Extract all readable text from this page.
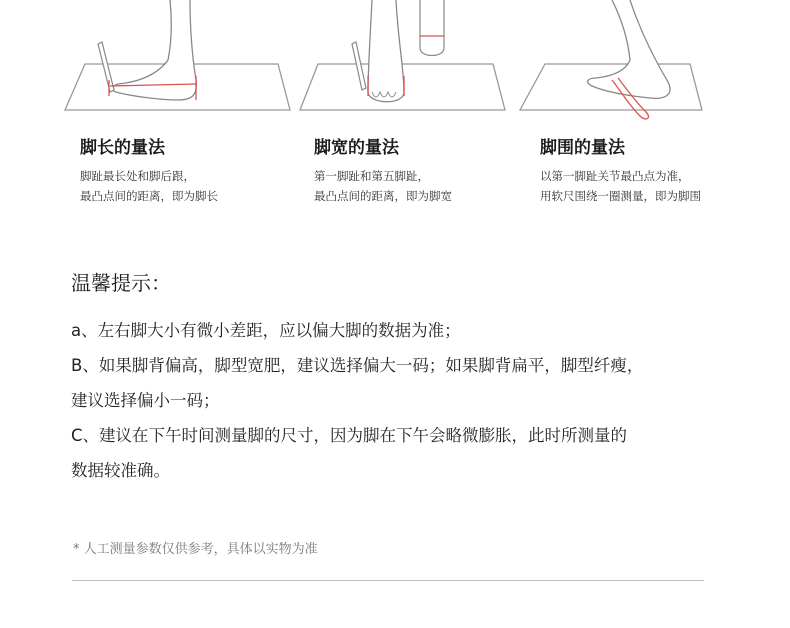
脚长的量法

脚趾最长处和脚后跟，
最凸点间的距离，即为脚长

脚宽的量法

第一脚趾和第五脚趾，
最凸点间的距离，即为脚宽

脚围的量法

以第一脚趾关节最凸点为准，
用软尺围绕一圈测量，即为脚围

温馨提示：
a、左右脚大小有微小差距，应以偏大脚的数据为准；
B、如果脚背偏高，脚型宽肥，建议选择偏大一码；如果脚背扁平，脚型纤瘦，
建议选择偏小一码；
C、建议在下午时间测量脚的尺寸，因为脚在下午会略微膨胀，此时所测量的
数据较准确。

* 人工测量参数仅供参考，具体以实物为准
